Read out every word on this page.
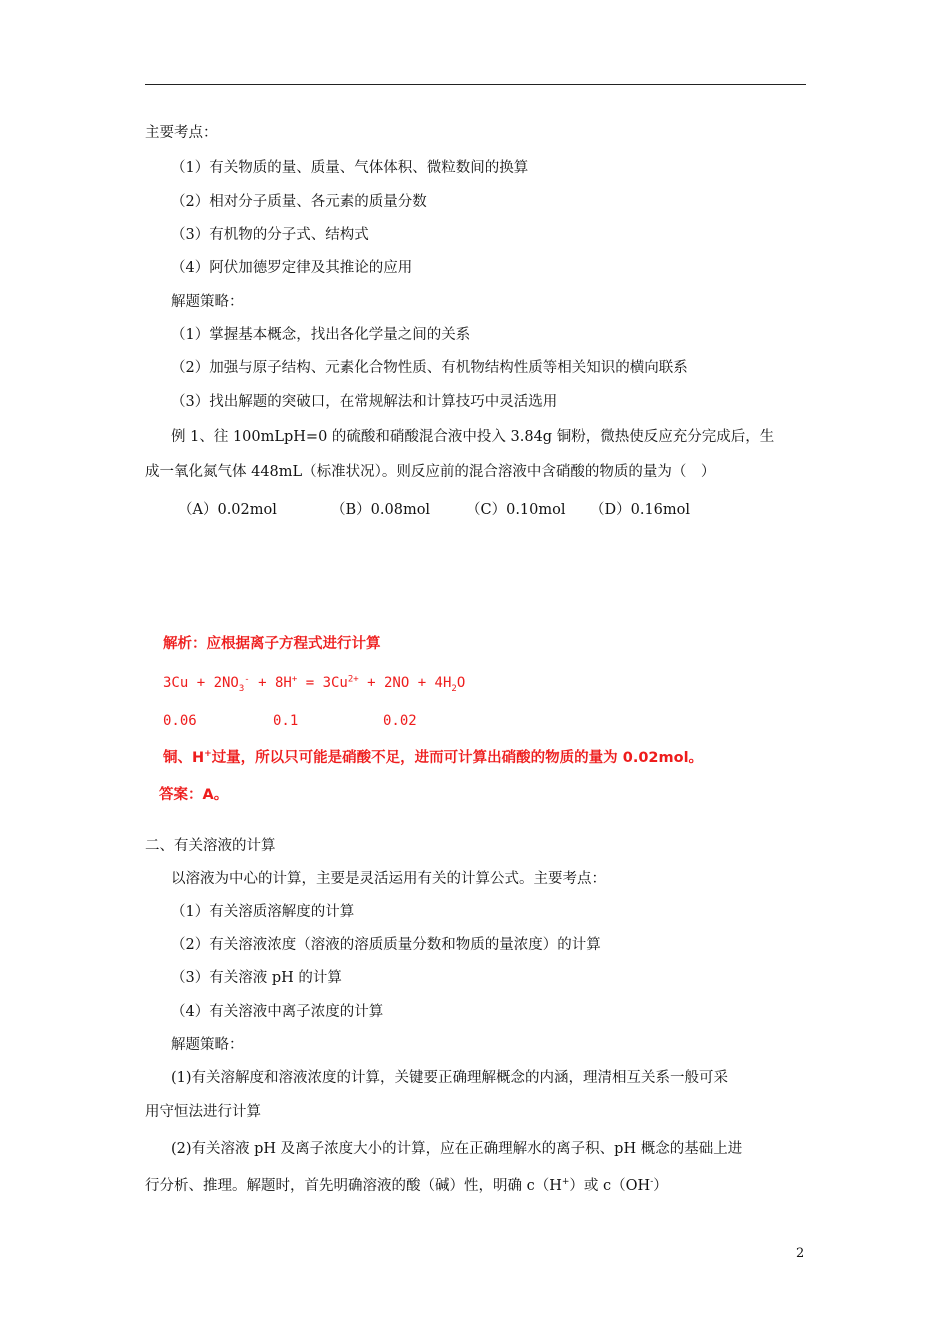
主要考点：
（1）有关物质的量、质量、气体体积、微粒数间的换算
（2）相对分子质量、各元素的质量分数
（3）有机物的分子式、结构式
（4）阿伏加德罗定律及其推论的应用
解题策略：
（1）掌握基本概念，找出各化学量之间的关系
（2）加强与原子结构、元素化合物性质、有机物结构性质等相关知识的横向联系
（3）找出解题的突破口，在常规解法和计算技巧中灵活选用
例 1、往 100mLpH=0 的硫酸和硝酸混合液中投入 3.84g 铜粉，微热使反应充分完成后，生
成一氧化氮气体 448mL（标准状况）。则反应前的混合溶液中含硝酸的物质的量为（　）
（A）0.02mol	（B）0.08mol （C）0.10mol （D）0.16mol
解析：应根据离子方程式进行计算
$3Cu + 2NO_3^- + 8H^+ = 3Cu^{2+} + 2NO + 4H_2O$
0.06	0.1	0.02
铜、H+过量，所以只可能是硝酸不足，进而可计算出硝酸的物质的量为 0.02mol。
答案：A。
二、有关溶液的计算
以溶液为中心的计算，主要是灵活运用有关的计算公式。主要考点：
（1）有关溶质溶解度的计算
（2）有关溶液浓度（溶液的溶质质量分数和物质的量浓度）的计算
（3）有关溶液 pH 的计算
（4）有关溶液中离子浓度的计算
解题策略：
(1)有关溶解度和溶液浓度的计算，关键要正确理解概念的内涵，理清相互关系一般可采
用守恒法进行计算
(2)有关溶液 pH 及离子浓度大小的计算，应在正确理解水的离子积、pH 概念的基础上进
行分析、推理。解题时，首先明确溶液的酸（碱）性，明确 c（H+）或 c（OH-）
2
